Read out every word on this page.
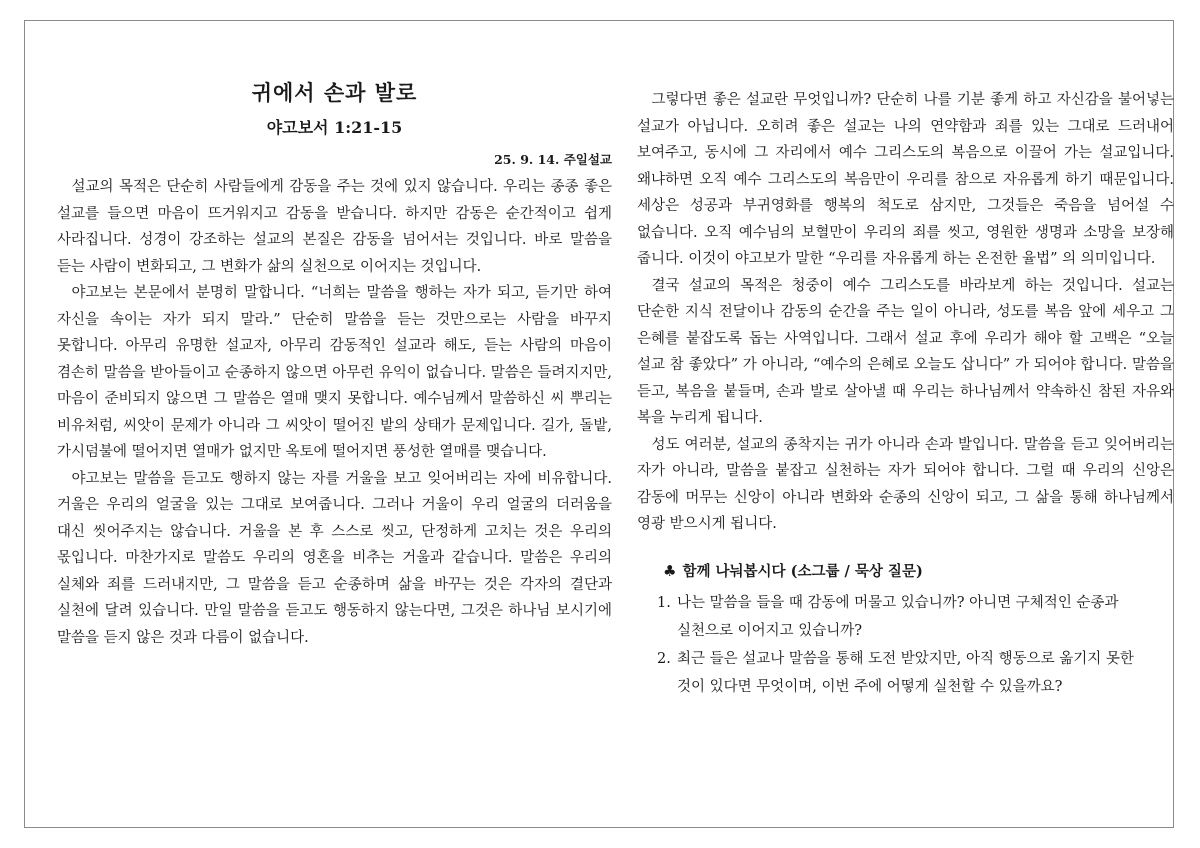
귀에서 손과 발로
야고보서 1:21-15
25. 9. 14. 주일설교

설교의 목적은 단순히 사람들에게 감동을 주는 것에 있지 않습니다. 우리는 종종 좋은 설교를 들으면 마음이 뜨거워지고 감동을 받습니다. 하지만 감동은 순간적이고 쉽게 사라집니다. 성경이 강조하는 설교의 본질은 감동을 넘어서는 것입니다. 바로 말씀을 듣는 사람이 변화되고, 그 변화가 삶의 실천으로 이어지는 것입니다.

야고보는 본문에서 분명히 말합니다. “너희는 말씀을 행하는 자가 되고, 듣기만 하여 자신을 속이는 자가 되지 말라.” 단순히 말씀을 듣는 것만으로는 사람을 바꾸지 못합니다. 아무리 유명한 설교자, 아무리 감동적인 설교라 해도, 듣는 사람의 마음이 겸손히 말씀을 받아들이고 순종하지 않으면 아무런 유익이 없습니다. 말씀은 들려지지만, 마음이 준비되지 않으면 그 말씀은 열매 맺지 못합니다. 예수님께서 말씀하신 씨 뿌리는 비유처럼, 씨앗이 문제가 아니라 그 씨앗이 떨어진 밭의 상태가 문제입니다. 길가, 돌밭, 가시덤불에 떨어지면 열매가 없지만 옥토에 떨어지면 풍성한 열매를 맺습니다.

야고보는 말씀을 듣고도 행하지 않는 자를 거울을 보고 잊어버리는 자에 비유합니다. 거울은 우리의 얼굴을 있는 그대로 보여줍니다. 그러나 거울이 우리 얼굴의 더러움을 대신 씻어주지는 않습니다. 거울을 본 후 스스로 씻고, 단정하게 고치는 것은 우리의 몫입니다. 마찬가지로 말씀도 우리의 영혼을 비추는 거울과 같습니다. 말씀은 우리의 실체와 죄를 드러내지만, 그 말씀을 듣고 순종하며 삶을 바꾸는 것은 각자의 결단과 실천에 달려 있습니다. 만일 말씀을 듣고도 행동하지 않는다면, 그것은 하나님 보시기에 말씀을 듣지 않은 것과 다름이 없습니다.

그렇다면 좋은 설교란 무엇입니까? 단순히 나를 기분 좋게 하고 자신감을 불어넣는 설교가 아닙니다. 오히려 좋은 설교는 나의 연약함과 죄를 있는 그대로 드러내어 보여주고, 동시에 그 자리에서 예수 그리스도의 복음으로 이끌어 가는 설교입니다. 왜냐하면 오직 예수 그리스도의 복음만이 우리를 참으로 자유롭게 하기 때문입니다. 세상은 성공과 부귀영화를 행복의 척도로 삼지만, 그것들은 죽음을 넘어설 수 없습니다. 오직 예수님의 보혈만이 우리의 죄를 씻고, 영원한 생명과 소망을 보장해 줍니다. 이것이 야고보가 말한 “우리를 자유롭게 하는 온전한 율법” 의 의미입니다.

결국 설교의 목적은 청중이 예수 그리스도를 바라보게 하는 것입니다. 설교는 단순한 지식 전달이나 감동의 순간을 주는 일이 아니라, 성도를 복음 앞에 세우고 그 은혜를 붙잡도록 돕는 사역입니다. 그래서 설교 후에 우리가 해야 할 고백은 “오늘 설교 참 좋았다” 가 아니라, “예수의 은혜로 오늘도 삽니다” 가 되어야 합니다. 말씀을 듣고, 복음을 붙들며, 손과 발로 살아낼 때 우리는 하나님께서 약속하신 참된 자유와 복을 누리게 됩니다.

성도 여러분, 설교의 종착지는 귀가 아니라 손과 발입니다. 말씀을 듣고 잊어버리는 자가 아니라, 말씀을 붙잡고 실천하는 자가 되어야 합니다. 그럴 때 우리의 신앙은 감동에 머무는 신앙이 아니라 변화와 순종의 신앙이 되고, 그 삶을 통해 하나님께서 영광 받으시게 됩니다.

♣ 함께 나눠봅시다 (소그룹 / 묵상 질문)
1. 나는 말씀을 들을 때 감동에 머물고 있습니까? 아니면 구체적인 순종과 실천으로 이어지고 있습니까?
2. 최근 들은 설교나 말씀을 통해 도전 받았지만, 아직 행동으로 옮기지 못한 것이 있다면 무엇이며, 이번 주에 어떻게 실천할 수 있을까요?
